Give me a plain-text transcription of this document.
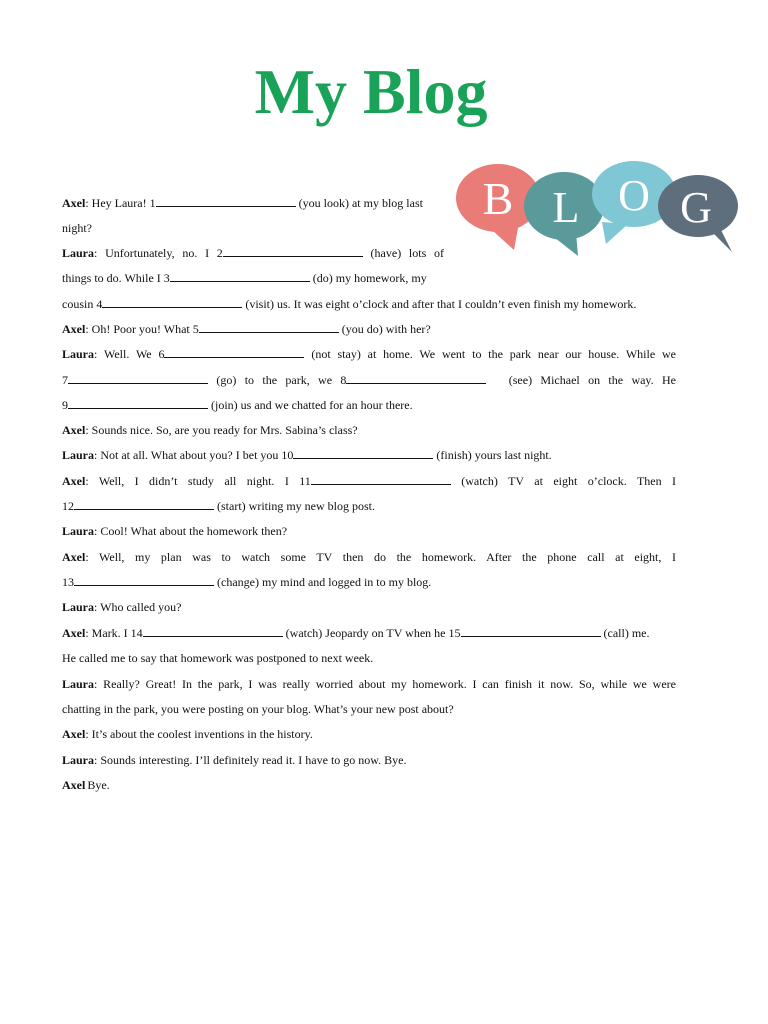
My Blog
B L O G
Axel: Hey Laura! 1	(you look) at my blog last
night?
Laura: Unfortunately, no. I 2	(have) lots of
things to do. While I 3	(do) my homework, my
cousin 4	(visit) us. It was eight o’clock and after that I couldn’t even finish my homework.
Axel: Oh! Poor you! What 5	(you do) with her?
Laura: Well. We 6	(not stay) at home. We went to the park near our house. While we
7	(go) to the park, we 8	(see) Michael on the way. He
9	(join) us and we chatted for an hour there.
Axel: Sounds nice. So, are you ready for Mrs. Sabina’s class?
Laura: Not at all. What about you? I bet you 10	(finish) yours last night.
Axel: Well, I didn’t study all night. I 11	(watch) TV at eight o’clock. Then I
12	(start) writing my new blog post.
Laura: Cool! What about the homework then?
Axel: Well, my plan was to watch some TV then do the homework. After the phone call at eight, I
13	(change) my mind and logged in to my blog.
Laura: Who called you?
Axel: Mark. I 14	(watch) Jeopardy on TV when he 15	(call) me.
He called me to say that homework was postponed to next week.
Laura: Really? Great! In the park, I was really worried about my homework. I can finish it now. So, while we were
chatting in the park, you were posting on your blog. What’s your new post about?
Axel: It’s about the coolest inventions in the history.
Laura: Sounds interesting. I’ll definitely read it. I have to go now. Bye.
Axel Bye.
